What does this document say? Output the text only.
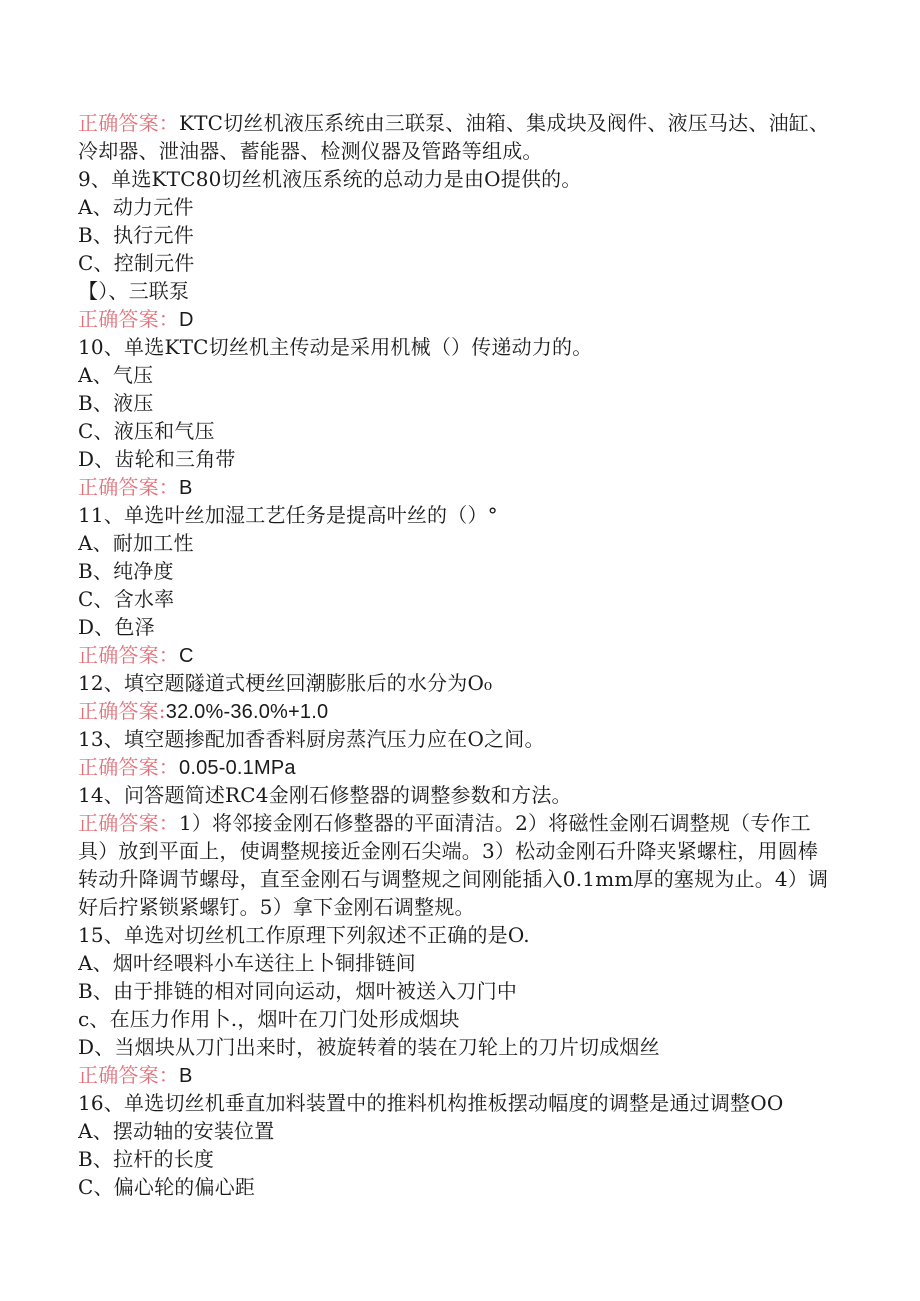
正确答案：KTC切丝机液压系统由三联泵、油箱、集成块及阀件、液压马达、油缸、冷却器、泄油器、蓄能器、检测仪器及管路等组成。
9、单选KTC80切丝机液压系统的总动力是由O提供的。
A、动力元件
B、执行元件
C、控制元件
【）、三联泵
正确答案：D
10、单选KTC切丝机主传动是采用机械（）传递动力的。
A、气压
B、液压
C、液压和气压
D、齿轮和三角带
正确答案：B
11、单选叶丝加湿工艺任务是提高叶丝的（）°
A、耐加工性
B、纯净度
C、含水率
D、色泽
正确答案：C
12、填空题隧道式梗丝回潮膨胀后的水分为O₀
正确答案:32.0%-36.0%+1.0
13、填空题掺配加香香料厨房蒸汽压力应在O之间。
正确答案：0.05-0.1MPa
14、问答题简述RC4金刚石修整器的调整参数和方法。
正确答案：1）将邻接金刚石修整器的平面清洁。2）将磁性金刚石调整规（专作工具）放到平面上，使调整规接近金刚石尖端。3）松动金刚石升降夹紧螺柱，用圆棒转动升降调节螺母，直至金刚石与调整规之间刚能插入0.1mm厚的塞规为止。4）调好后拧紧锁紧螺钉。5）拿下金刚石调整规。
15、单选对切丝机工作原理下列叙述不正确的是O.
A、烟叶经喂料小车送往上卜铜排链间
B、由于排链的相对同向运动，烟叶被送入刀门中
c、在压力作用卜.，烟叶在刀门处形成烟块
D、当烟块从刀门出来时，被旋转着的装在刀轮上的刀片切成烟丝
正确答案：B
16、单选切丝机垂直加料装置中的推料机构推板摆动幅度的调整是通过调整OO
A、摆动轴的安装位置
B、拉杆的长度
C、偏心轮的偏心距
